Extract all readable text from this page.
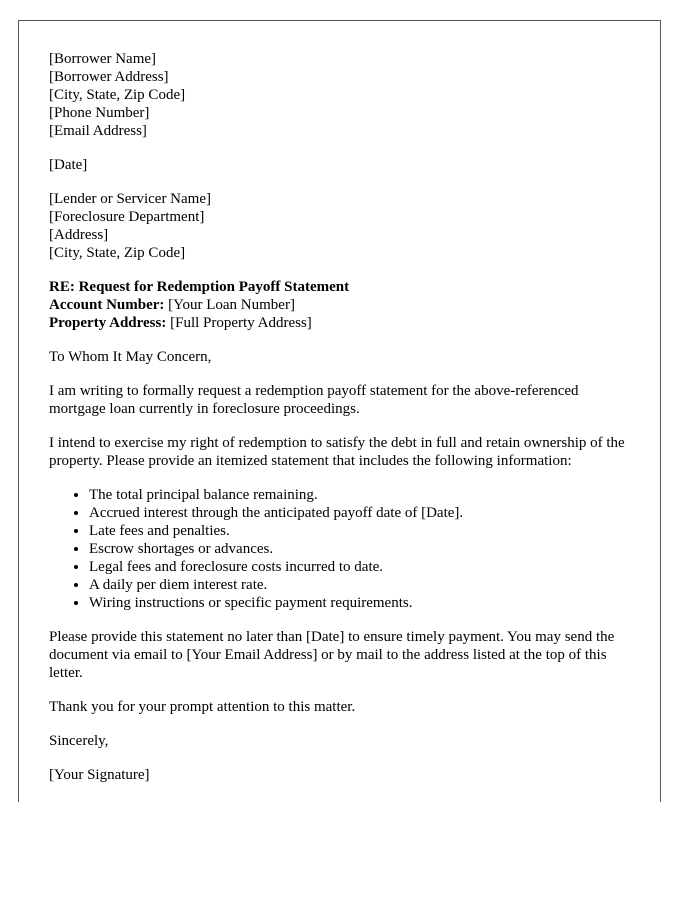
[Borrower Name]
[Borrower Address]
[City, State, Zip Code]
[Phone Number]
[Email Address]
[Date]
[Lender or Servicer Name]
[Foreclosure Department]
[Address]
[City, State, Zip Code]
RE: Request for Redemption Payoff Statement
Account Number: [Your Loan Number]
Property Address: [Full Property Address]

To Whom It May Concern,

I am writing to formally request a redemption payoff statement for the above-referenced mortgage loan currently in foreclosure proceedings.

I intend to exercise my right of redemption to satisfy the debt in full and retain ownership of the property. Please provide an itemized statement that includes the following information:

• The total principal balance remaining.
• Accrued interest through the anticipated payoff date of [Date].
• Late fees and penalties.
• Escrow shortages or advances.
• Legal fees and foreclosure costs incurred to date.
• A daily per diem interest rate.
• Wiring instructions or specific payment requirements.

Please provide this statement no later than [Date] to ensure timely payment. You may send the document via email to [Your Email Address] or by mail to the address listed at the top of this letter.

Thank you for your prompt attention to this matter.

Sincerely,

[Your Signature]
